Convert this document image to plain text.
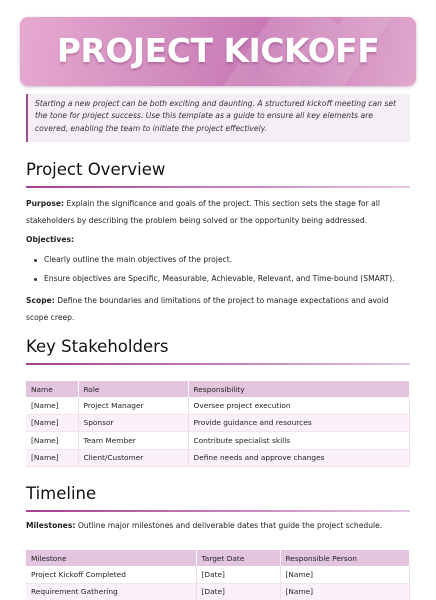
PROJECT KICKOFF
Starting a new project can be both exciting and daunting. A structured kickoff meeting can set the tone for project success. Use this template as a guide to ensure all key elements are covered, enabling the team to initiate the project effectively.
Project Overview
Purpose: Explain the significance and goals of the project. This section sets the stage for all stakeholders by describing the problem being solved or the opportunity being addressed.
Objectives:
Clearly outline the main objectives of the project.
Ensure objectives are Specific, Measurable, Achievable, Relevant, and Time-bound (SMART).
Scope: Define the boundaries and limitations of the project to manage expectations and avoid scope creep.
Key Stakeholders
Name	Role	Responsibility
[Name]	Project Manager	Oversee project execution
[Name]	Sponsor	Provide guidance and resources
[Name]	Team Member	Contribute specialist skills
[Name]	Client/Customer	Define needs and approve changes
Timeline
Milestones: Outline major milestones and deliverable dates that guide the project schedule.
Milestone	Target Date	Responsible Person
Project Kickoff Completed	[Date]	[Name]
Requirement Gathering	[Date]	[Name]
